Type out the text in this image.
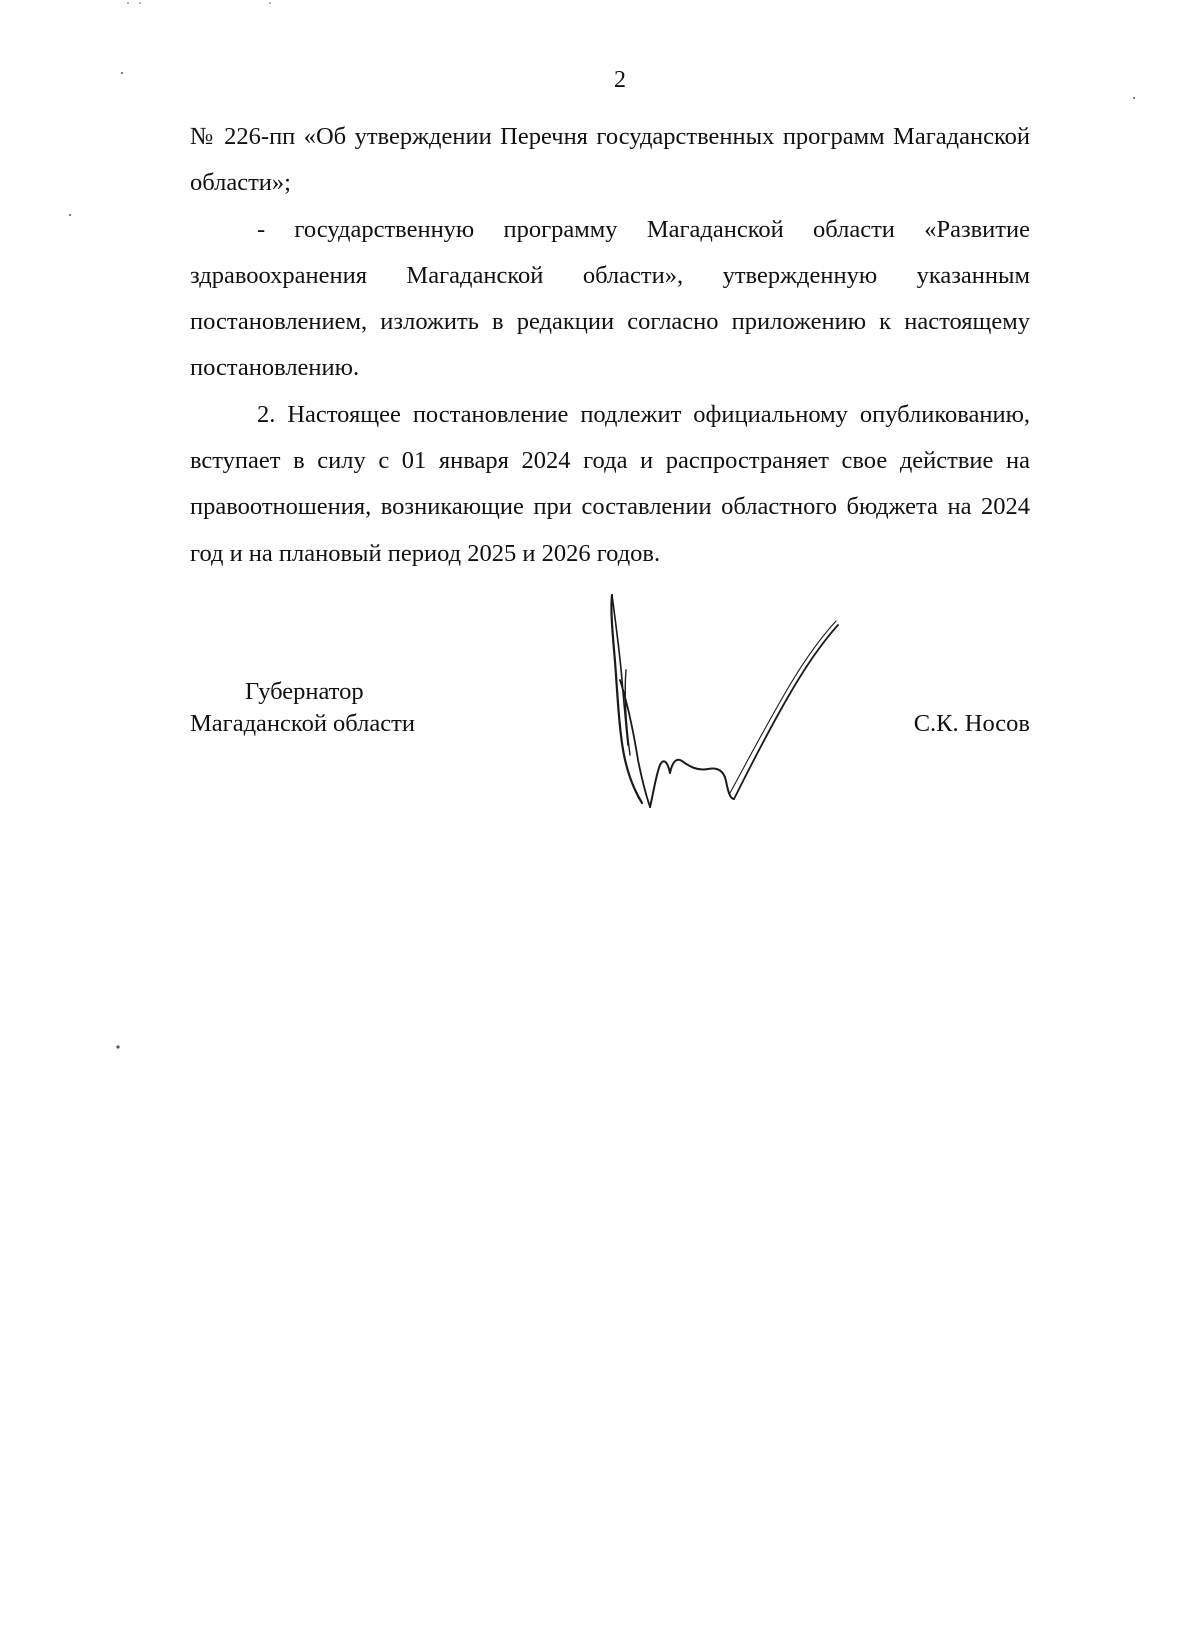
2

№ 226-пп «Об утверждении Перечня государственных программ Магаданской области»;

- государственную программу Магаданской области «Развитие здравоохранения Магаданской области», утвержденную указанным постановлением, изложить в редакции согласно приложению к настоящему постановлению.

2. Настоящее постановление подлежит официальному опубликованию, вступает в силу с 01 января 2024 года и распространяет свое действие на правоотношения, возникающие при составлении областного бюджета на 2024 год и на плановый период 2025 и 2026 годов.

Губернатор
Магаданской области	С.К. Носов
